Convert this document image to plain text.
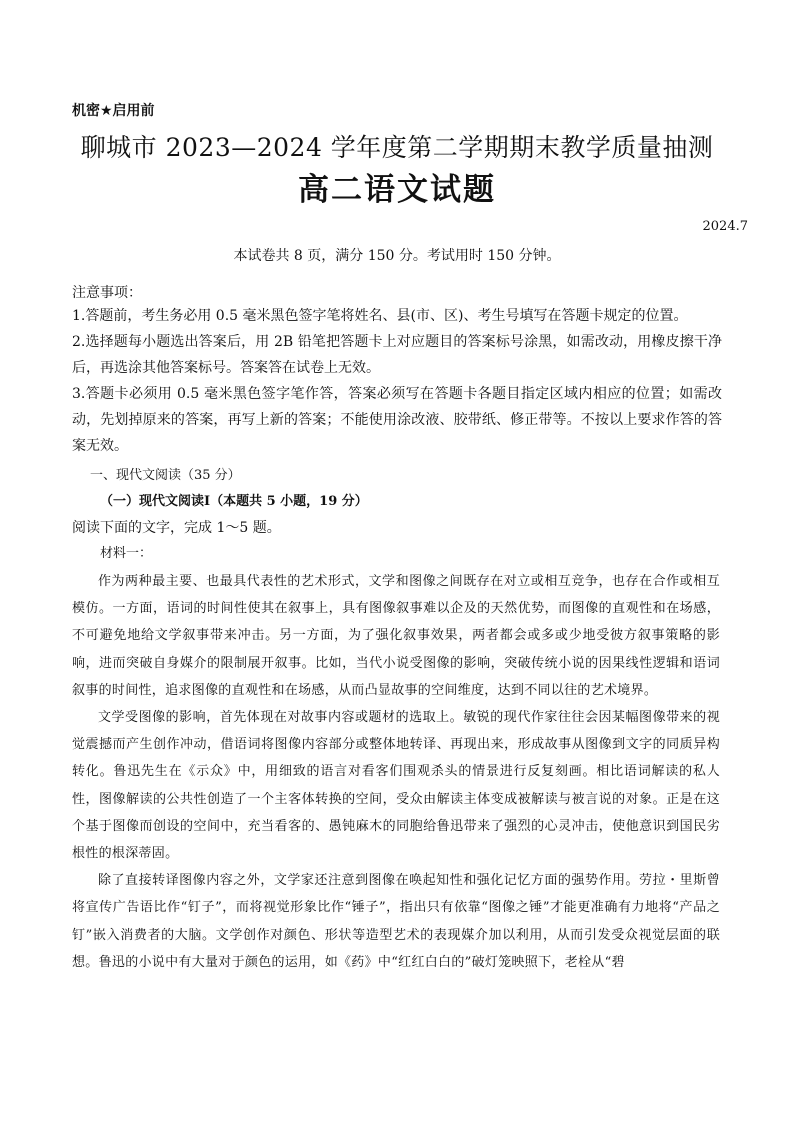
机密★启用前
聊城市 2023—2024 学年度第二学期期末教学质量抽测
高二语文试题
2024.7
本试卷共 8 页，满分 150 分。考试用时 150 分钟。
注意事项：
1.答题前，考生务必用 0.5 毫米黑色签字笔将姓名、县(市、区)、考生号填写在答题卡规定的位置。
2.选择题每小题选出答案后，用 2B 铅笔把答题卡上对应题目的答案标号涂黑，如需改动，用橡皮擦干净后，再选涂其他答案标号。答案答在试卷上无效。
3.答题卡必须用 0.5 毫米黑色签字笔作答，答案必须写在答题卡各题目指定区域内相应的位置；如需改动，先划掉原来的答案，再写上新的答案；不能使用涂改液、胶带纸、修正带等。不按以上要求作答的答案无效。
一、现代文阅读（35 分）
（一）现代文阅读Ⅰ（本题共 5 小题，19 分）
阅读下面的文字，完成 1～5 题。
材料一：

作为两种最主要、也最具代表性的艺术形式，文学和图像之间既存在对立或相互竞争，也存在合作或相互模仿。一方面，语词的时间性使其在叙事上，具有图像叙事难以企及的天然优势，而图像的直观性和在场感，不可避免地给文学叙事带来冲击。另一方面，为了强化叙事效果，两者都会或多或少地受彼方叙事策略的影响，进而突破自身媒介的限制展开叙事。比如，当代小说受图像的影响，突破传统小说的因果线性逻辑和语词叙事的时间性，追求图像的直观性和在场感，从而凸显故事的空间维度，达到不同以往的艺术境界。

文学受图像的影响，首先体现在对故事内容或题材的选取上。敏锐的现代作家往往会因某幅图像带来的视觉震撼而产生创作冲动，借语词将图像内容部分或整体地转译、再现出来，形成故事从图像到文字的同质异构转化。鲁迅先生在《示众》中，用细致的语言对看客们围观杀头的情景进行反复刻画。相比语词解读的私人性，图像解读的公共性创造了一个主客体转换的空间，受众由解读主体变成被解读与被言说的对象。正是在这个基于图像而创设的空间中，充当看客的、愚钝麻木的同胞给鲁迅带来了强烈的心灵冲击，使他意识到国民劣根性的根深蒂固。

除了直接转译图像内容之外，文学家还注意到图像在唤起知性和强化记忆方面的强势作用。劳拉・里斯曾将宣传广告语比作“钉子”，而将视觉形象比作“锤子”，指出只有依靠“图像之锤”才能更准确有力地将“产品之钉”嵌入消费者的大脑。文学创作对颜色、形状等造型艺术的表现媒介加以利用，从而引发受众视觉层面的联想。鲁迅的小说中有大量对于颜色的运用，如《药》中“红红白白的”破灯笼映照下，老栓从“碧
